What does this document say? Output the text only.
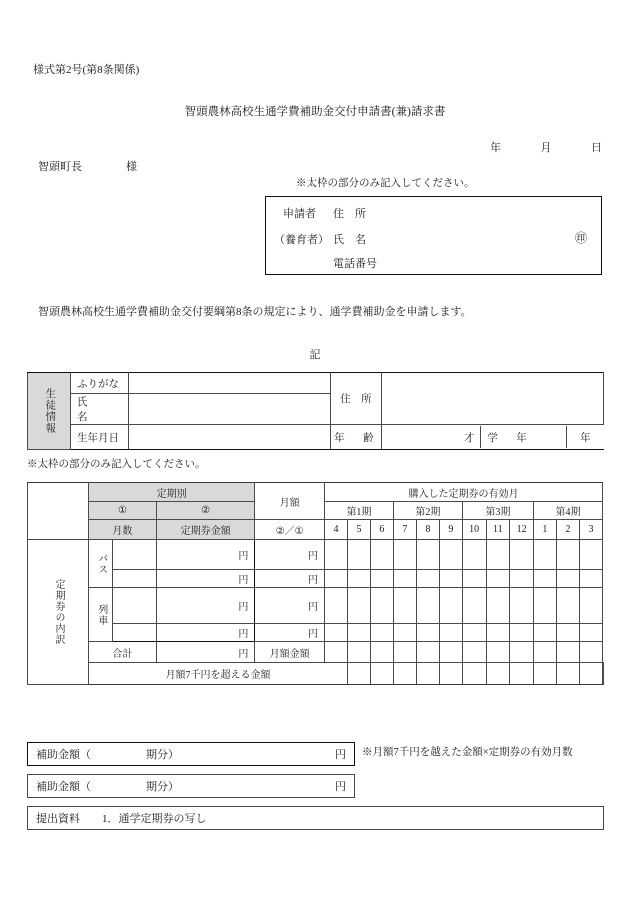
様式第2号(第8条関係)
智頭農林高校生通学費補助金交付申請書(兼)請求書
年	月	日
智頭町長　　　　様
※太枠の部分のみ記入してください。
申請者 住　所
（養育者） 氏　名	㊞
電話番号
智頭農林高校生通学費補助金交付要綱第8条の規定により、通学費補助金を申請します。
記
生徒情報
	ふりがな		住　所	
氏　　名	
生年月日		年　齢		才	学　年	年
※太枠の部分のみ記入してください。
	定期別			月額	購入した定期券の有効月												
	①		②		第1期			第2期			第3期			第4期			
	月数		定期券金額	②／①	4	5	6	7	8	9	10	11	12	1	2	3	

定期券の内訳	バス		円	円													
			円	円													

	列車		円	円													
			円	円													
	合計		円	月額金額													
	月額7千円を超える金額																
補助金額（	期分）	円 ※月額7千円を越えた金額×定期券の有効月数
補助金額（	期分）	円
提出資料	1．通学定期券の写し
